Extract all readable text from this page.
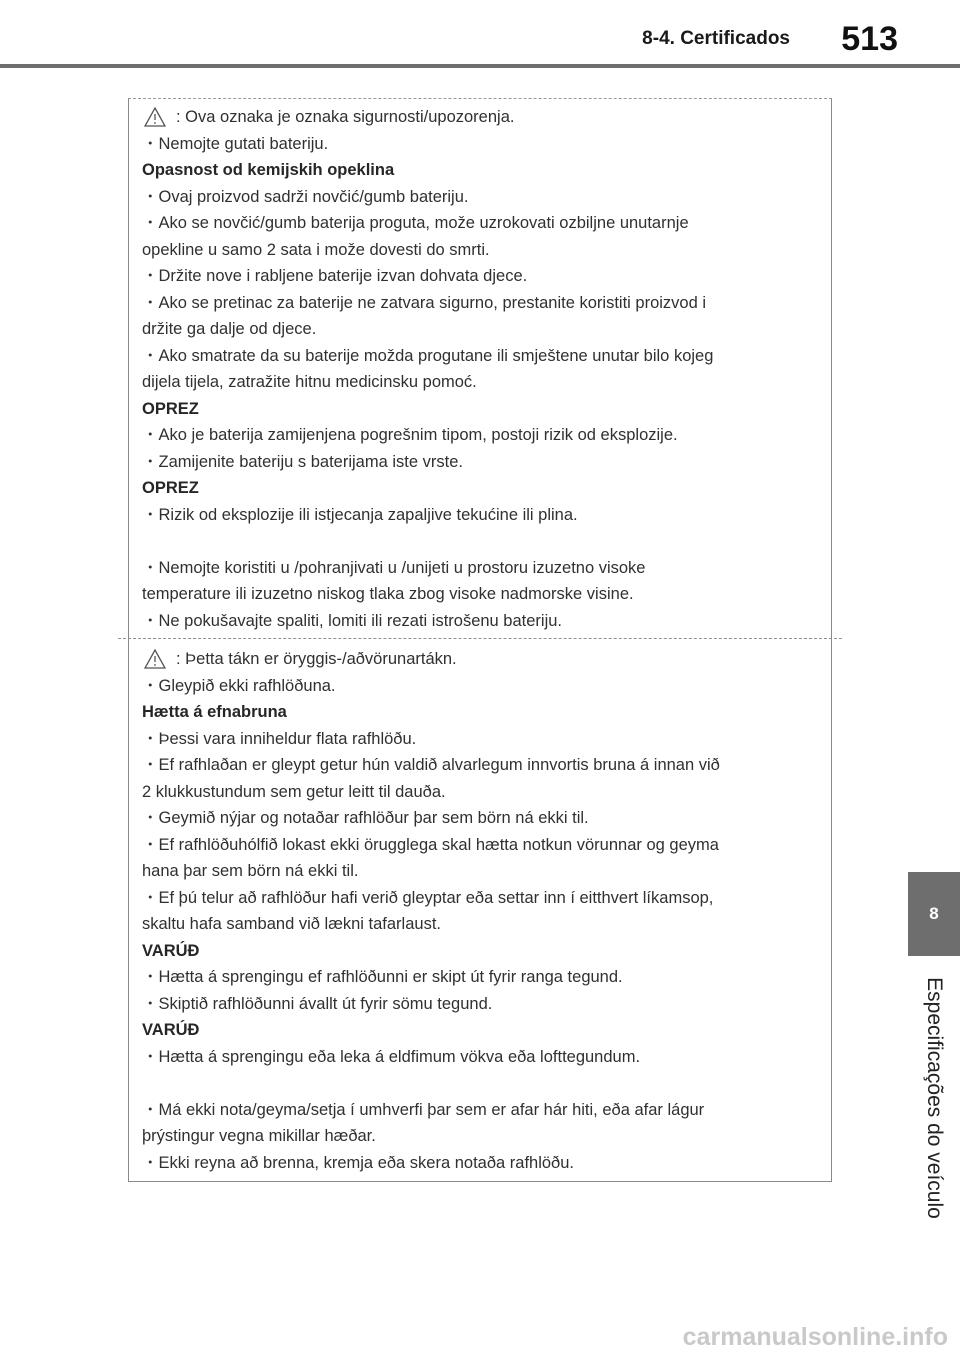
8-4. Certificados 513
8
Especificações do veículo
: Ova oznaka je oznaka sigurnosti/upozorenja.
・Nemojte gutati bateriju.
Opasnost od kemijskih opeklina
・Ovaj proizvod sadrži novčić/gumb bateriju.
・Ako se novčić/gumb baterija proguta, može uzrokovati ozbiljne unutarnje
opekline u samo 2 sata i može dovesti do smrti.
・Držite nove i rabljene baterije izvan dohvata djece.
・Ako se pretinac za baterije ne zatvara sigurno, prestanite koristiti proizvod i
držite ga dalje od djece.
・Ako smatrate da su baterije možda progutane ili smještene unutar bilo kojeg
dijela tijela, zatražite hitnu medicinsku pomoć.
OPREZ
・Ako je baterija zamijenjena pogrešnim tipom, postoji rizik od eksplozije.
・Zamijenite bateriju s baterijama iste vrste.
OPREZ
・Rizik od eksplozije ili istjecanja zapaljive tekućine ili plina.
・Nemojte koristiti u /pohranjivati u /unijeti u prostoru izuzetno visoke
temperature ili izuzetno niskog tlaka zbog visoke nadmorske visine.
・Ne pokušavajte spaliti, lomiti ili rezati istrošenu bateriju.
: Þetta tákn er öryggis-/aðvörunartákn.
・Gleypið ekki rafhlöðuna.
Hætta á efnabruna
・Þessi vara inniheldur flata rafhlöðu.
・Ef rafhlaðan er gleypt getur hún valdið alvarlegum innvortis bruna á innan við
2 klukkustundum sem getur leitt til dauða.
・Geymið nýjar og notaðar rafhlöður þar sem börn ná ekki til.
・Ef rafhlöðuhólfið lokast ekki örugglega skal hætta notkun vörunnar og geyma
hana þar sem börn ná ekki til.
・Ef þú telur að rafhlöður hafi verið gleyptar eða settar inn í eitthvert líkamsop,
skaltu hafa samband við lækni tafarlaust.
VARÚÐ
・Hætta á sprengingu ef rafhlöðunni er skipt út fyrir ranga tegund.
・Skiptið rafhlöðunni ávallt út fyrir sömu tegund.
VARÚÐ
・Hætta á sprengingu eða leka á eldfimum vökva eða lofttegundum.
・Má ekki nota/geyma/setja í umhverfi þar sem er afar hár hiti, eða afar lágur
þrýstingur vegna mikillar hæðar.
・Ekki reyna að brenna, kremja eða skera notaða rafhlöðu.
carmanualsonline.info
